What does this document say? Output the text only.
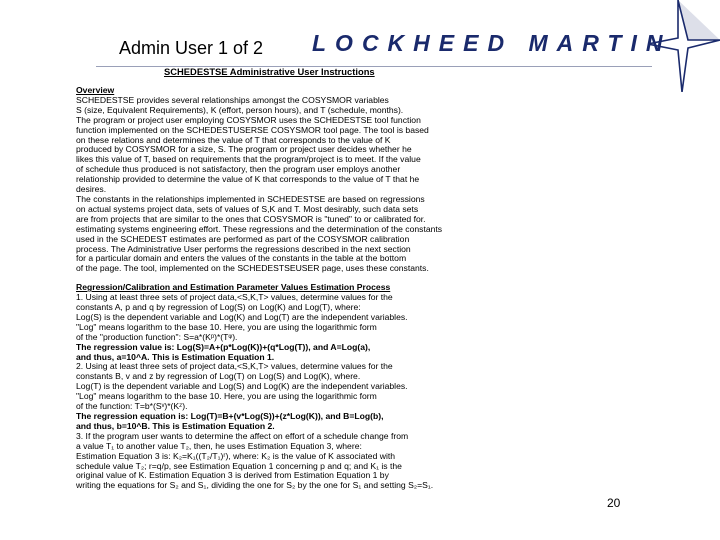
Admin User 1 of 2 LOCKHEED MARTIN
SCHEDESTSE Administrative User Instructions
Overview
SCHEDESTSE provides several relationships amongst the COSYSMOR variables
S (size, Equivalent Requirements), K (effort, person hours), and T (schedule, months).
The program or project user employing COSYSMOR uses the SCHEDESTSE tool function
function implemented on the SCHEDESTUSERSE COSYSMOR tool page. The tool is based
on these relations and determines the value of T that corresponds to the value of K
produced by COSYSMOR for a size, S. The program or project user decides whether he
likes this value of T, based on requirements that the program/project is to meet. If the value
of schedule thus produced is not satisfactory, then the program user employs another
relationship provided to determine the value of K that corresponds to the value of T that he
desires.
The constants in the relationships implemented in SCHEDESTSE are based on regressions
on actual systems project data, sets of values of S,K and T. Most desirably, such data sets
are from projects that are similar to the ones that COSYSMOR is "tuned" to or calibrated for.
estimating systems engineering effort. These regressions and the determination of the constants
used in the SCHEDEST estimates are performed as part of the COSYSMOR calibration
process. The Administrative User performs the regressions described in the next section
for a particular domain and enters the values of the constants in the table at the bottom
of the page. The tool, implemented on the SCHEDESTSEUSER page, uses these constants.
Regression/Calibration and Estimation Parameter Values Estimation Process
1. Using at least three sets of project data,<S,K,T> values, determine values for the
constants A, p and q by regression of Log(S) on Log(K) and Log(T), where:
Log(S) is the dependent variable and Log(K) and Log(T) are the independent variables.
"Log" means logarithm to the base 10. Here, you are using the logarithmic form
of the "production function": S=a*(Kᵖ)*(Tᵠ).
The regression value is: Log(S)=A+(p*Log(K))+(q*Log(T)), and A=Log(a),
and thus, a=10^A. This is Estimation Equation 1.
2. Using at least three sets of project data,<S,K,T> values, determine values for the
constants B, v and z by regression of Log(T) on Log(S) and Log(K), where.
Log(T) is the dependent variable and Log(S) and Log(K) are the independent variables.
"Log" means logarithm to the base 10. Here, you are using the logarithmic form
of the function: T=b*(Sᵛ)*(Kᶻ).
The regression equation is: Log(T)=B+(v*Log(S))+(z*Log(K)), and B=Log(b),
and thus, b=10^B. This is Estimation Equation 2.
3. If the program user wants to determine the affect on effort of a schedule change from
a value T₁ to another value T₂, then, he uses Estimation Equation 3, where:
Estimation Equation 3 is: K₂=K₁((T₂/T₁)ʳ), where: K₂ is the value of K associated with
schedule value T₂; r=q/p, see Estimation Equation 1 concerning p and q; and K₁ is the
original value of K. Estimation Equation 3 is derived from Estimation Equation 1 by
writing the equations for S₂ and S₁, dividing the one for S₂ by the one for S₁ and setting S₂=S₁.
20
